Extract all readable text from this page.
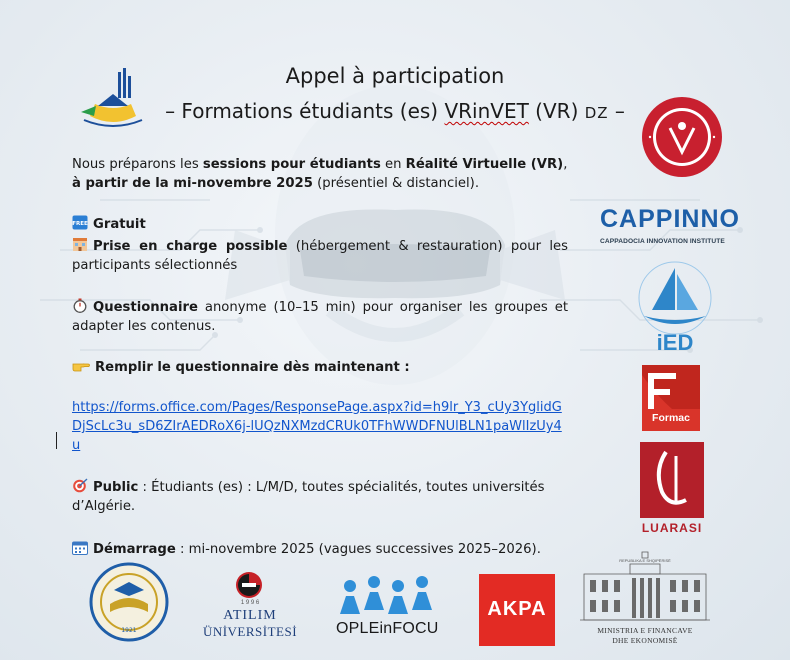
Appel à participation
– Formations étudiants (es) VRinVET (VR) DZ –
Nous préparons les sessions pour étudiants en Réalité Virtuelle (VR), à partir de la mi-novembre 2025 (présentiel & distanciel).
FREE Gratuit
Prise en charge possible (hébergement & restauration) pour les participants sélectionnés
Questionnaire anonyme (10–15 min) pour organiser les groupes et adapter les contenus.
Remplir le questionnaire dès maintenant :
https://forms.office.com/Pages/ResponsePage.aspx?id=h9lr_Y3_cUy3YglidGDjScLc3u_sD6ZIrAEDRoX6j-lUQzNXMzdCRUk0TFhWWDFNUlBLN1paWlIzUy4u
Public : Étudiants (es) : L/M/D, toutes spécialités, toutes universités d’Algérie.
Démarrage : mi-novembre 2025 (vagues successives 2025–2026).
CAPPINNO
CAPPADOCIA INNOVATION INSTITUTE
iED
Formac
LUARASI
1921
1 9 9 6
ATILIM
ÜNİVERSİTESİ	OPLEinFOCU
AKPA
REPUBLIKA E SHQIPËRISË
MINISTRIA E FINANCAVE
DHE EKONOMISË
